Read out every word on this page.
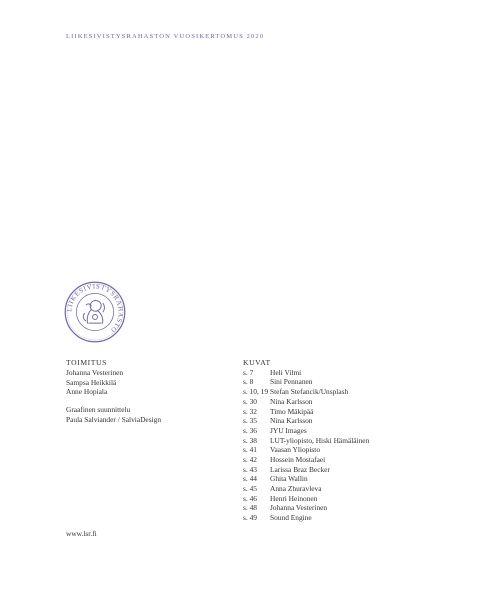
LIIKESIVISTYSRAHASTON VUOSIKERTOMUS 2020
LIIKESIVISTYSRAHASTO
TOIMITUS
Johanna Vesterinen
Sampsa Heikkilä
Anne Hopiala
Graafinen suunnittelu
Paula Salviander / SalviaDesign
KUVAT
s. 7	Heli Vilmi
s. 8	Sini Pennanen
s. 10, 19 Stefan Stefancik/Unsplash
s. 30	Nina Karlsson
s. 32	Timo Mäkipää
s. 35	Nina Karlsson
s. 36	JYU Images
s. 38	LUT-yliopisto, Hiski Hämäläinen
s. 41	Vaasan Yliopisto
s. 42	Hossein Mostafaei
s. 43	Larissa Braz Becker
s. 44	Ghita Wallin
s. 45	Anna Zhuravleva
s. 46	Henri Heinonen
s. 48	Johanna Vesterinen
s. 49	Sound Engine
www.lsr.fi
